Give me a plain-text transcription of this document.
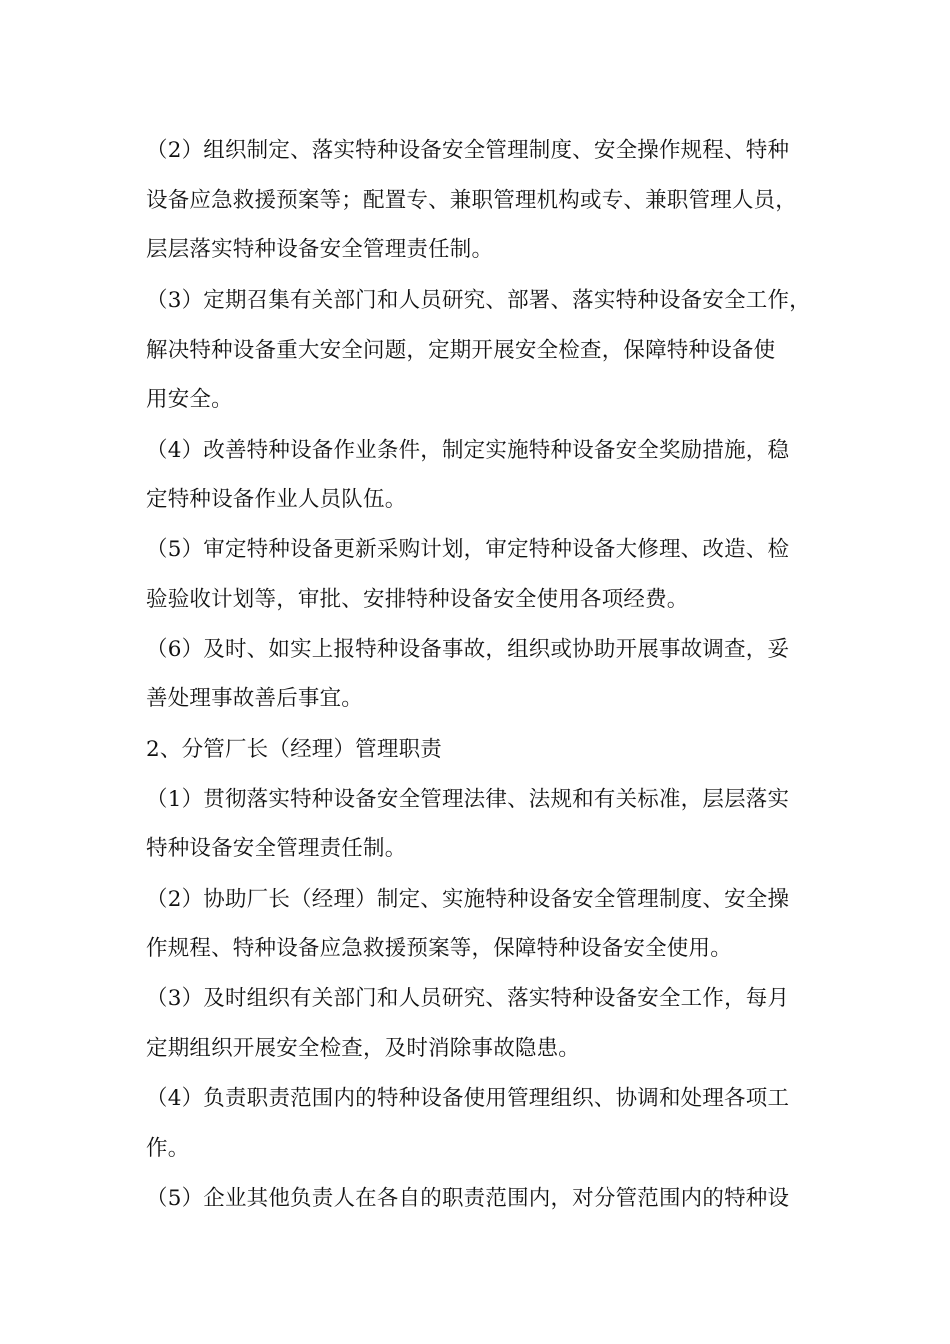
（2）组织制定、落实特种设备安全管理制度、安全操作规程、特种
设备应急救援预案等；配置专、兼职管理机构或专、兼职管理人员，
层层落实特种设备安全管理责任制。
（3）定期召集有关部门和人员研究、部署、落实特种设备安全工作，
解决特种设备重大安全问题，定期开展安全检查，保障特种设备使
用安全。
（4）改善特种设备作业条件，制定实施特种设备安全奖励措施，稳
定特种设备作业人员队伍。
（5）审定特种设备更新采购计划，审定特种设备大修理、改造、检
验验收计划等，审批、安排特种设备安全使用各项经费。
（6）及时、如实上报特种设备事故，组织或协助开展事故调查，妥
善处理事故善后事宜。
2、分管厂长（经理）管理职责
（1）贯彻落实特种设备安全管理法律、法规和有关标准，层层落实
特种设备安全管理责任制。
（2）协助厂长（经理）制定、实施特种设备安全管理制度、安全操
作规程、特种设备应急救援预案等，保障特种设备安全使用。
（3）及时组织有关部门和人员研究、落实特种设备安全工作，每月
定期组织开展安全检查，及时消除事故隐患。
（4）负责职责范围内的特种设备使用管理组织、协调和处理各项工
作。
（5）企业其他负责人在各自的职责范围内，对分管范围内的特种设
